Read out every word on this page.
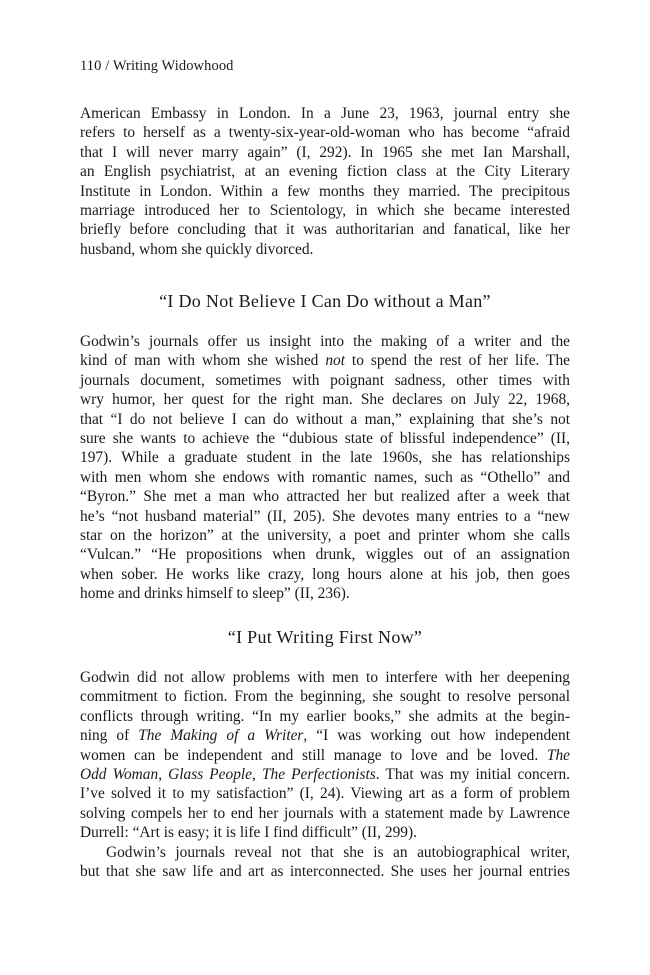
110 / Writing Widowhood
American Embassy in London. In a June 23, 1963, journal entry she
refers to herself as a twenty-six-year-old-woman who has become “afraid
that I will never marry again” (I, 292). In 1965 she met Ian Marshall,
an English psychiatrist, at an evening fiction class at the City Literary
Institute in London. Within a few months they married. The precipitous
marriage introduced her to Scientology, in which she became interested
briefly before concluding that it was authoritarian and fanatical, like her
husband, whom she quickly divorced.
“I Do Not Believe I Can Do without a Man”
Godwin’s journals offer us insight into the making of a writer and the
kind of man with whom she wished not to spend the rest of her life. The
journals document, sometimes with poignant sadness, other times with
wry humor, her quest for the right man. She declares on July 22, 1968,
that “I do not believe I can do without a man,” explaining that she’s not
sure she wants to achieve the “dubious state of blissful independence” (II,
197). While a graduate student in the late 1960s, she has relationships
with men whom she endows with romantic names, such as “Othello” and
“Byron.” She met a man who attracted her but realized after a week that
he’s “not husband material” (II, 205). She devotes many entries to a “new
star on the horizon” at the university, a poet and printer whom she calls
“Vulcan.” “He propositions when drunk, wiggles out of an assignation
when sober. He works like crazy, long hours alone at his job, then goes
home and drinks himself to sleep” (II, 236).
“I Put Writing First Now”
Godwin did not allow problems with men to interfere with her deepening
commitment to fiction. From the beginning, she sought to resolve personal
conflicts through writing. “In my earlier books,” she admits at the begin-
ning of The Making of a Writer, “I was working out how independent
women can be independent and still manage to love and be loved. The
Odd Woman, Glass People, The Perfectionists. That was my initial concern.
I’ve solved it to my satisfaction” (I, 24). Viewing art as a form of problem
solving compels her to end her journals with a statement made by Lawrence
Durrell: “Art is easy; it is life I find difficult” (II, 299).
Godwin’s journals reveal not that she is an autobiographical writer,
but that she saw life and art as interconnected. She uses her journal entries
